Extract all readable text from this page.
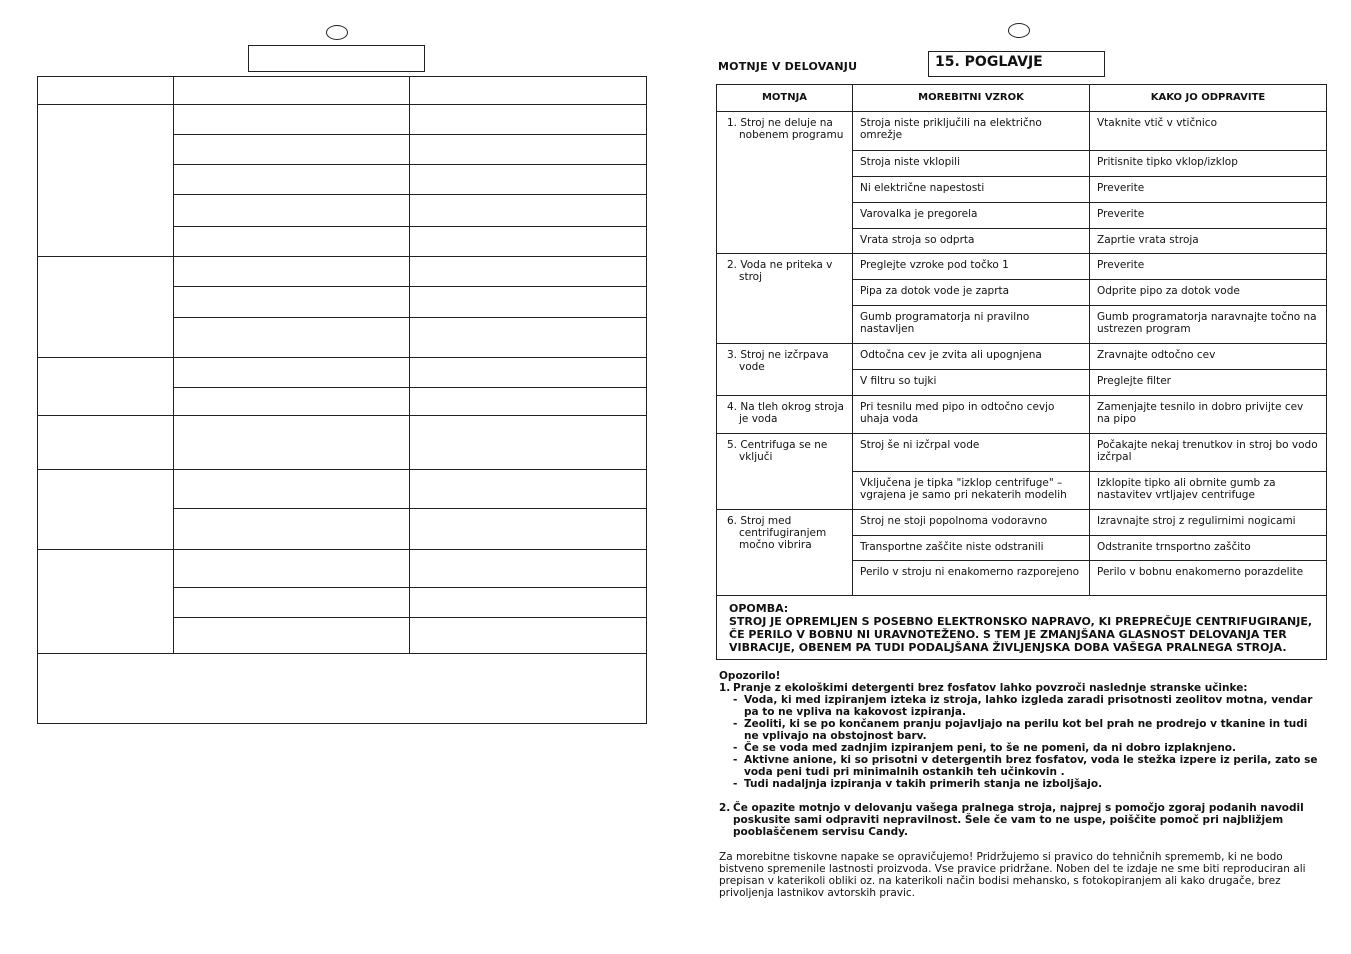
MOTNJE V DELOVANJU	15. POGLAVJE
MOTNJA	MOREBITNI VZROK	KAKO JO ODPRAVITE
1. Stroj ne deluje na nobenem programu	Stroja niste priključili na električno omrežje	Vtaknite vtič v vtičnico
	Stroja niste vklopili	Pritisnite tipko vklop/izklop
	Ni električne napestosti	Preverite
	Varovalka je pregorela	Preverite
	Vrata stroja so odprta	Zaprtie vrata stroja
2. Voda ne priteka v stroj	Preglejte vzroke pod točko 1	Preverite
	Pipa za dotok vode je zaprta	Odprite pipo za dotok vode
	Gumb programatorja ni pravilno nastavljen	Gumb programatorja naravnajte točno na ustrezen program
3. Stroj ne izčrpava vode	Odtočna cev je zvita ali upognjena	Zravnajte odtočno cev
	V filtru so tujki	Preglejte filter
4. Na tleh okrog stroja je voda	Pri tesnilu med pipo in odtočno cevjo uhaja voda	Zamenjajte tesnilo in dobro privijte cev na pipo
5. Centrifuga se ne vključi	Stroj še ni izčrpal vode	Počakajte nekaj trenutkov in stroj bo vodo izčrpal
	Vključena je tipka "izklop centrifuge" – vgrajena je samo pri nekaterih modelih	Izklopite tipko ali obrnite gumb za nastavitev vrtljajev centrifuge
6. Stroj med centrifugiranjem močno vibrira	Stroj ne stoji popolnoma vodoravno	Izravnajte stroj z regulirnimi nogicami
	Transportne zaščite niste odstranili	Odstranite trnsportno zaščito
	Perilo v stroju ni enakomerno razporejeno	Perilo v bobnu enakomerno porazdelite

OPOMBA:
STROJ JE OPREMLJEN S POSEBNO ELEKTRONSKO NAPRAVO, KI PREPREČUJE CENTRIFUGIRANJE, ČE PERILO V BOBNU NI URAVNOTEŽENO. S TEM JE ZMANJŠANA GLASNOST DELOVANJA TER VIBRACIJE, OBENEM PA TUDI PODALJŠANA ŽIVLJENJSKA DOBA VAŠEGA PRALNEGA STROJA.		
Opozorilo!
1. Pranje z ekološkimi detergenti brez fosfatov lahko povzroči naslednje stranske učinke:
- Voda, ki med izpiranjem izteka iz stroja, lahko izgleda zaradi prisotnosti zeolitov motna, vendar pa to ne vpliva na kakovost izpiranja.
- Zeoliti, ki se po končanem pranju pojavljajo na perilu kot bel prah ne prodrejo v tkanine in tudi ne vplivajo na obstojnost barv.
- Če se voda med zadnjim izpiranjem peni, to še ne pomeni, da ni dobro izplaknjeno.
- Aktivne anione, ki so prisotni v detergentih brez fosfatov, voda le stežka izpere iz perila, zato se voda peni tudi pri minimalnih ostankih teh učinkovin .
- Tudi nadaljnja izpiranja v takih primerih stanja ne izboljšajo.
2. Če opazite motnjo v delovanju vašega pralnega stroja, najprej s pomočjo zgoraj podanih navodil poskusite sami odpraviti nepravilnost. Šele če vam to ne uspe, poiščite pomoč pri najbližjem pooblaščenem servisu Candy.
Za morebitne tiskovne napake se opravičujemo! Pridržujemo si pravico do tehničnih sprememb, ki ne bodo bistveno spremenile lastnosti proizvoda. Vse pravice pridržane. Noben del te izdaje ne sme biti reproduciran ali prepisan v katerikoli obliki oz. na katerikoli način bodisi mehansko, s fotokopiranjem ali kako drugače, brez privoljenja lastnikov avtorskih pravic.
